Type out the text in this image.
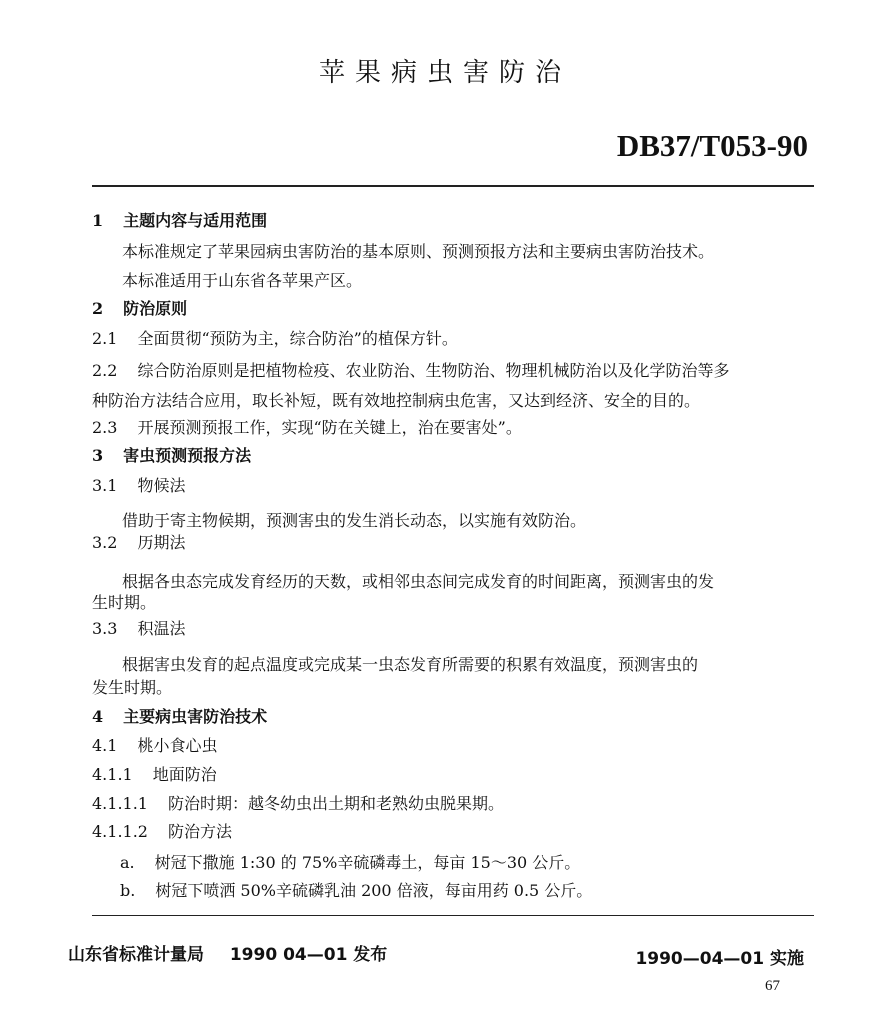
苹果病虫害防治
DB37/T053-90
1 主题内容与适用范围
本标准规定了苹果园病虫害防治的基本原则、预测预报方法和主要病虫害防治技术。
本标准适用于山东省各苹果产区。
2 防治原则
2.1 全面贯彻“预防为主，综合防治”的植保方针。
2.2 综合防治原则是把植物检疫、农业防治、生物防治、物理机械防治以及化学防治等多
种防治方法结合应用，取长补短，既有效地控制病虫危害，又达到经济、安全的目的。
2.3 开展预测预报工作，实现“防在关键上，治在要害处”。
3 害虫预测预报方法
3.1 物候法
借助于寄主物候期，预测害虫的发生消长动态，以实施有效防治。
3.2 历期法
根据各虫态完成发育经历的天数，或相邻虫态间完成发育的时间距离，预测害虫的发
生时期。
3.3 积温法
根据害虫发育的起点温度或完成某一虫态发育所需要的积累有效温度，预测害虫的
发生时期。
4 主要病虫害防治技术
4.1 桃小食心虫
4.1.1 地面防治
4.1.1.1 防治时期：越冬幼虫出土期和老熟幼虫脱果期。
4.1.1.2 防治方法
a. 树冠下撒施 1:30 的 75%辛硫磷毒土，每亩 15～30 公斤。
b. 树冠下喷洒 50%辛硫磷乳油 200 倍液，每亩用药 0.5 公斤。
山东省标准计量局 1990 04—01 发布	1990—04—01 实施
67
